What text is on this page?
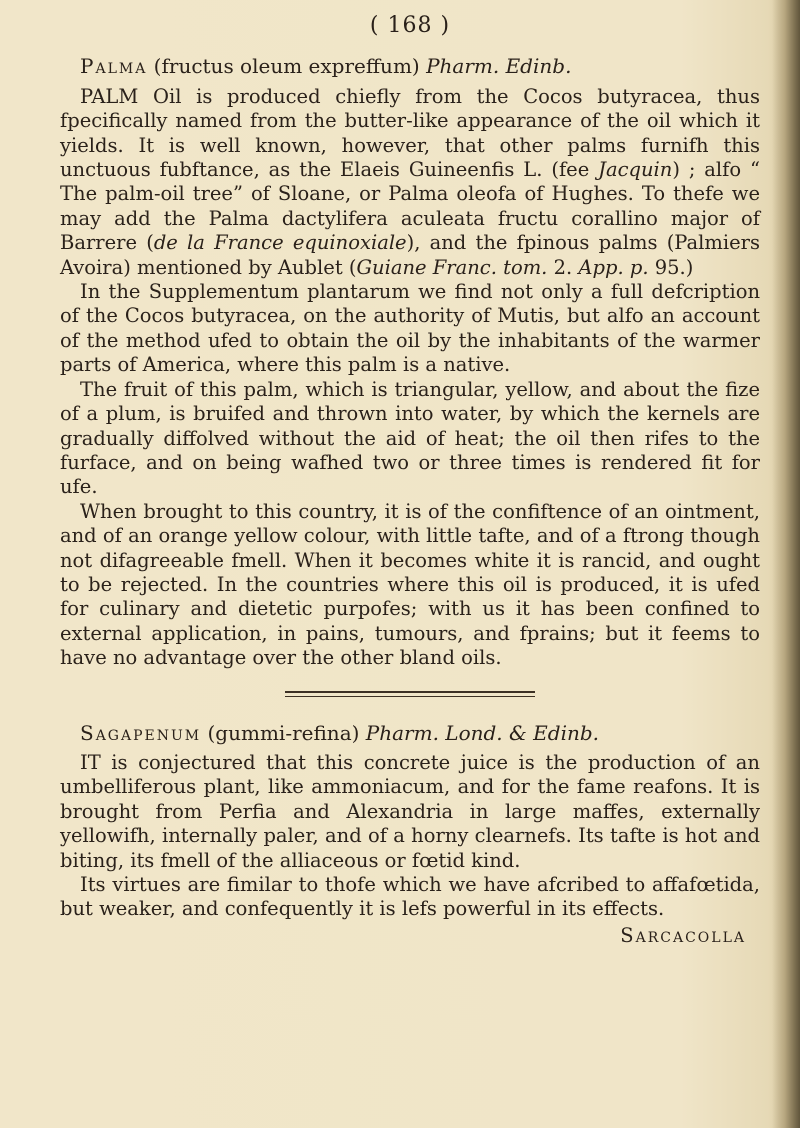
( 168 )
Palma (fructus oleum expreffum) Pharm. Edinb.

PALM Oil is produced chiefly from the Cocos butyracea, thus fpecifically named from the butter-like appearance of the oil which it yields. It is well known, however, that other palms furnifh this unctuous fubftance, as the Elaeis Guineenfis L. (fee Jacquin) ; alfo “ The palm-oil tree” of Sloane, or Palma oleofa of Hughes. To thefe we may add the Palma dactylifera aculeata fructu corallino major of Barrere (de la France equinoxiale), and the fpinous palms (Palmiers Avoira) mentioned by Aublet (Guiane Franc. tom. 2. App. p. 95.)

In the Supplementum plantarum we find not only a full defcription of the Cocos butyracea, on the authority of Mutis, but alfo an account of the method ufed to obtain the oil by the inhabitants of the warmer parts of America, where this palm is a native.

The fruit of this palm, which is triangular, yellow, and about the fize of a plum, is bruifed and thrown into water, by which the kernels are gradually diffolved without the aid of heat; the oil then rifes to the furface, and on being wafhed two or three times is rendered fit for ufe.

When brought to this country, it is of the confiftence of an ointment, and of an orange yellow colour, with little tafte, and of a ftrong though not difagreeable fmell. When it becomes white it is rancid, and ought to be rejected. In the countries where this oil is produced, it is ufed for culinary and dietetic purpofes; with us it has been confined to external application, in pains, tumours, and fprains; but it feems to have no advantage over the other bland oils.

Sagapenum (gummi-refina) Pharm. Lond. & Edinb.

IT is conjectured that this concrete juice is the production of an umbelliferous plant, like ammoniacum, and for the fame reafons. It is brought from Perfia and Alexandria in large maffes, externally yellowifh, internally paler, and of a horny clearnefs. Its tafte is hot and biting, its fmell of the alliaceous or fœtid kind.

Its virtues are fimilar to thofe which we have afcribed to affafœtida, but weaker, and confequently it is lefs powerful in its effects.

Sarcacolla
